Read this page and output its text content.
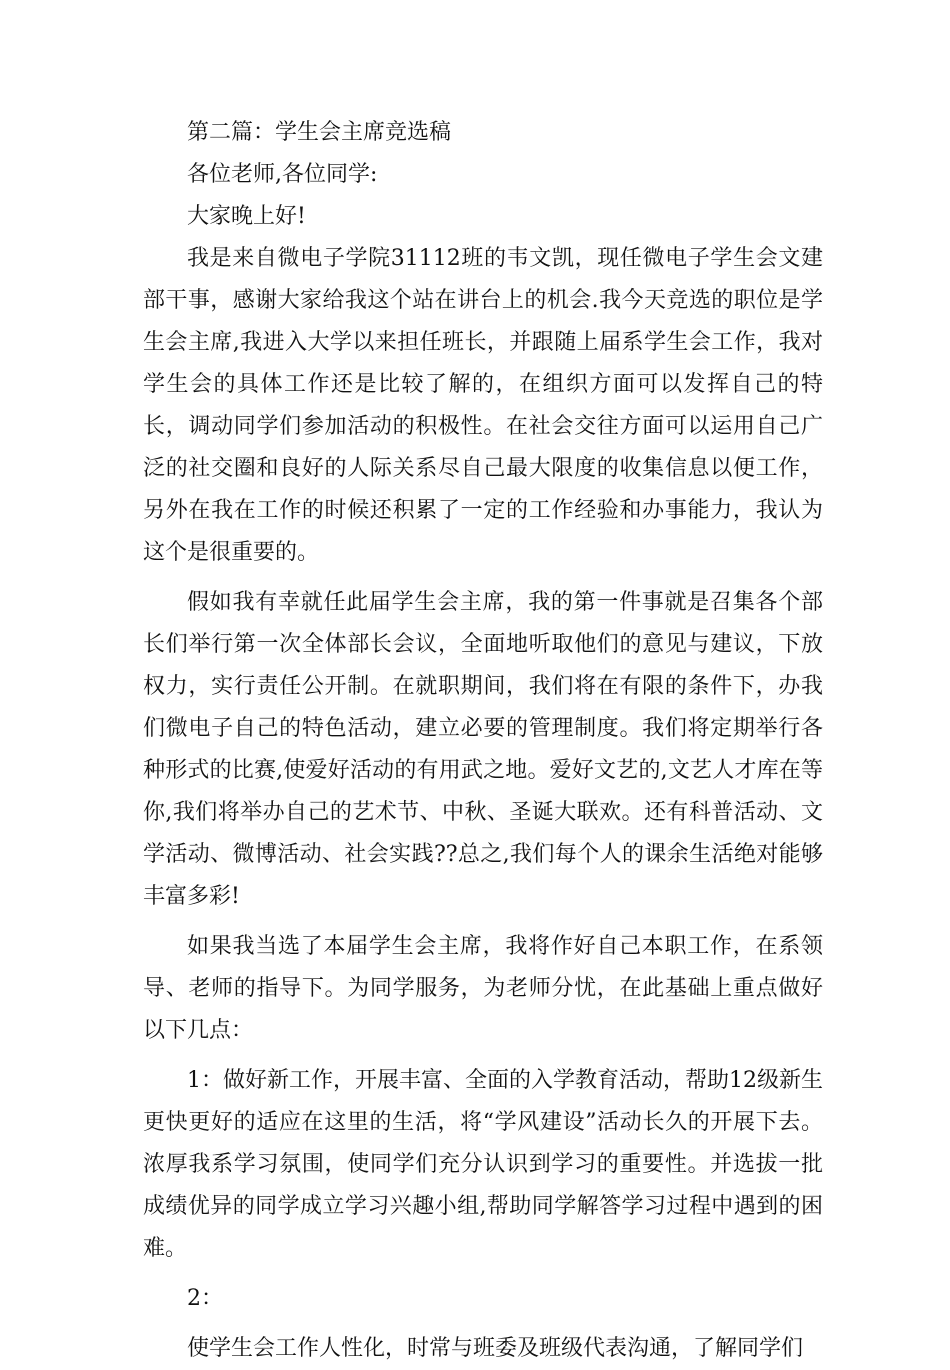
第二篇：学生会主席竞选稿

各位老师,各位同学:

大家晚上好!

我是来自微电子学院31112班的韦文凯，现任微电子学生会文建部干事，感谢大家给我这个站在讲台上的机会.我今天竞选的职位是学生会主席,我进入大学以来担任班长，并跟随上届系学生会工作，我对学生会的具体工作还是比较了解的，在组织方面可以发挥自己的特长，调动同学们参加活动的积极性。在社会交往方面可以运用自己广泛的社交圈和良好的人际关系尽自己最大限度的收集信息以便工作，另外在我在工作的时候还积累了一定的工作经验和办事能力，我认为这个是很重要的。

假如我有幸就任此届学生会主席，我的第一件事就是召集各个部长们举行第一次全体部长会议，全面地听取他们的意见与建议，下放权力，实行责任公开制。在就职期间，我们将在有限的条件下，办我们微电子自己的特色活动，建立必要的管理制度。我们将定期举行各种形式的比赛,使爱好活动的有用武之地。爱好文艺的,文艺人才库在等你,我们将举办自己的艺术节、中秋、圣诞大联欢。还有科普活动、文学活动、微博活动、社会实践??总之,我们每个人的课余生活绝对能够丰富多彩!

如果我当选了本届学生会主席，我将作好自己本职工作，在系领导、老师的指导下。为同学服务，为老师分忧，在此基础上重点做好以下几点：

1：做好新工作，开展丰富、全面的入学教育活动，帮助12级新生更快更好的适应在这里的生活，将“学风建设”活动长久的开展下去。浓厚我系学习氛围，使同学们充分认识到学习的重要性。并选拔一批成绩优异的同学成立学习兴趣小组,帮助同学解答学习过程中遇到的困难。

2：

使学生会工作人性化，时常与班委及班级代表沟通，了解同学们
